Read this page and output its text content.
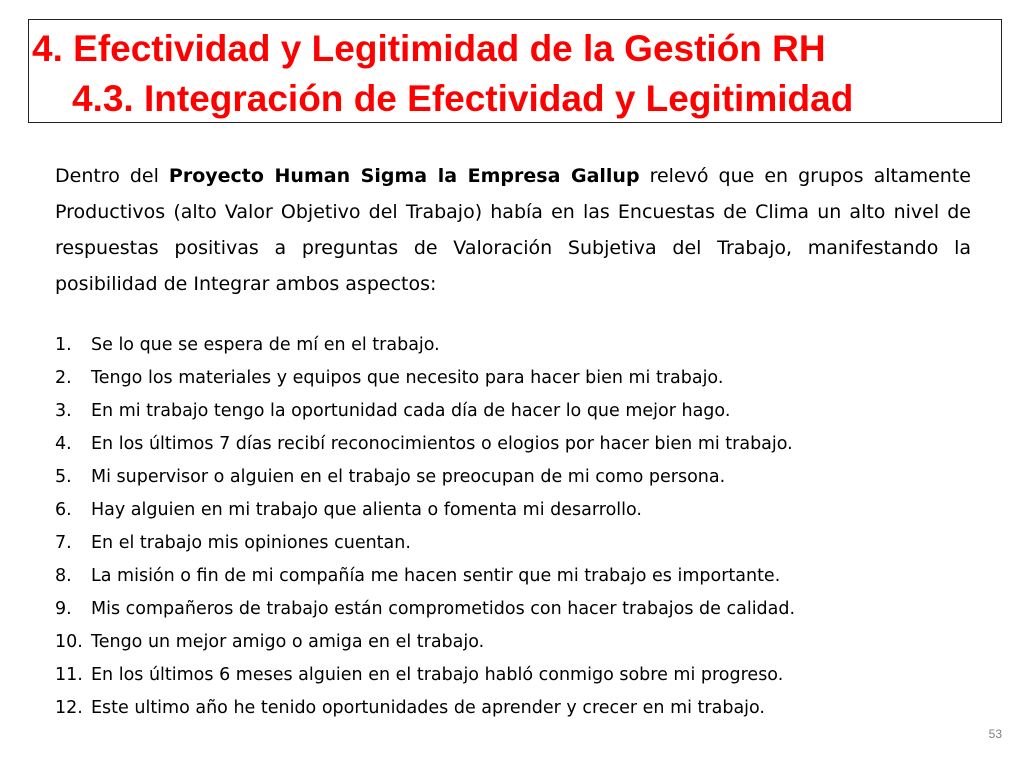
4. Efectividad y Legitimidad de la Gestión RH
4.3. Integración de Efectividad y Legitimidad

Dentro del Proyecto Human Sigma la Empresa Gallup relevó que en grupos altamente Productivos (alto Valor Objetivo del Trabajo) había en las Encuestas de Clima un alto nivel de respuestas positivas a preguntas de Valoración Subjetiva del Trabajo, manifestando la posibilidad de Integrar ambos aspectos:

1. Se lo que se espera de mí en el trabajo.
2. Tengo los materiales y equipos que necesito para hacer bien mi trabajo.
3. En mi trabajo tengo la oportunidad cada día de hacer lo que mejor hago.
4. En los últimos 7 días recibí reconocimientos o elogios por hacer bien mi trabajo.
5. Mi supervisor o alguien en el trabajo se preocupan de mi como persona.
6. Hay alguien en mi trabajo que alienta o fomenta mi desarrollo.
7. En el trabajo mis opiniones cuentan.
8. La misión o fin de mi compañía me hacen sentir que mi trabajo es importante.
9. Mis compañeros de trabajo están comprometidos con hacer trabajos de calidad.
10. Tengo un mejor amigo o amiga en el trabajo.
11. En los últimos 6 meses alguien en el trabajo habló conmigo sobre mi progreso.
12. Este ultimo año he tenido oportunidades de aprender y crecer en mi trabajo.
53
